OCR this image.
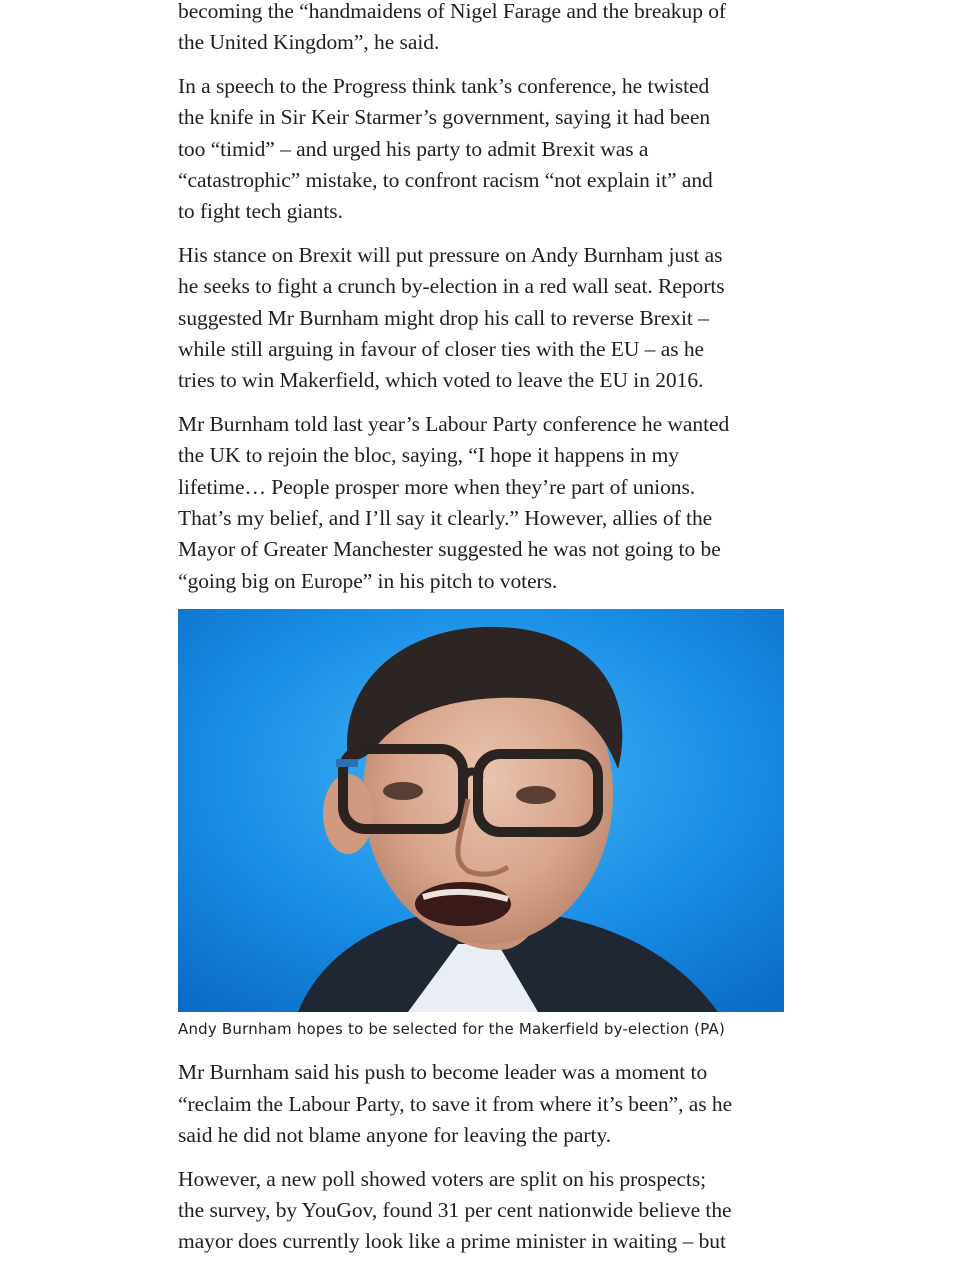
becoming the “handmaidens of Nigel Farage and the breakup of
the United Kingdom”, he said.

In a speech to the Progress think tank’s conference, he twisted
the knife in Sir Keir Starmer’s government, saying it had been
too “timid” – and urged his party to admit Brexit was a
“catastrophic” mistake, to confront racism “not explain it” and
to fight tech giants.

His stance on Brexit will put pressure on Andy Burnham just as
he seeks to fight a crunch by-election in a red wall seat. Reports
suggested Mr Burnham might drop his call to reverse Brexit –
while still arguing in favour of closer ties with the EU – as he
tries to win Makerfield, which voted to leave the EU in 2016.

Mr Burnham told last year’s Labour Party conference he wanted
the UK to rejoin the bloc, saying, “I hope it happens in my
lifetime… People prosper more when they’re part of unions.
That’s my belief, and I’ll say it clearly.” However, allies of the
Mayor of Greater Manchester suggested he was not going to be
“going big on Europe” in his pitch to voters.

Andy Burnham hopes to be selected for the Makerfield by-election (PA)

Mr Burnham said his push to become leader was a moment to
“reclaim the Labour Party, to save it from where it’s been”, as he
said he did not blame anyone for leaving the party.

However, a new poll showed voters are split on his prospects;
the survey, by YouGov, found 31 per cent nationwide believe the
mayor does currently look like a prime minister in waiting – but
